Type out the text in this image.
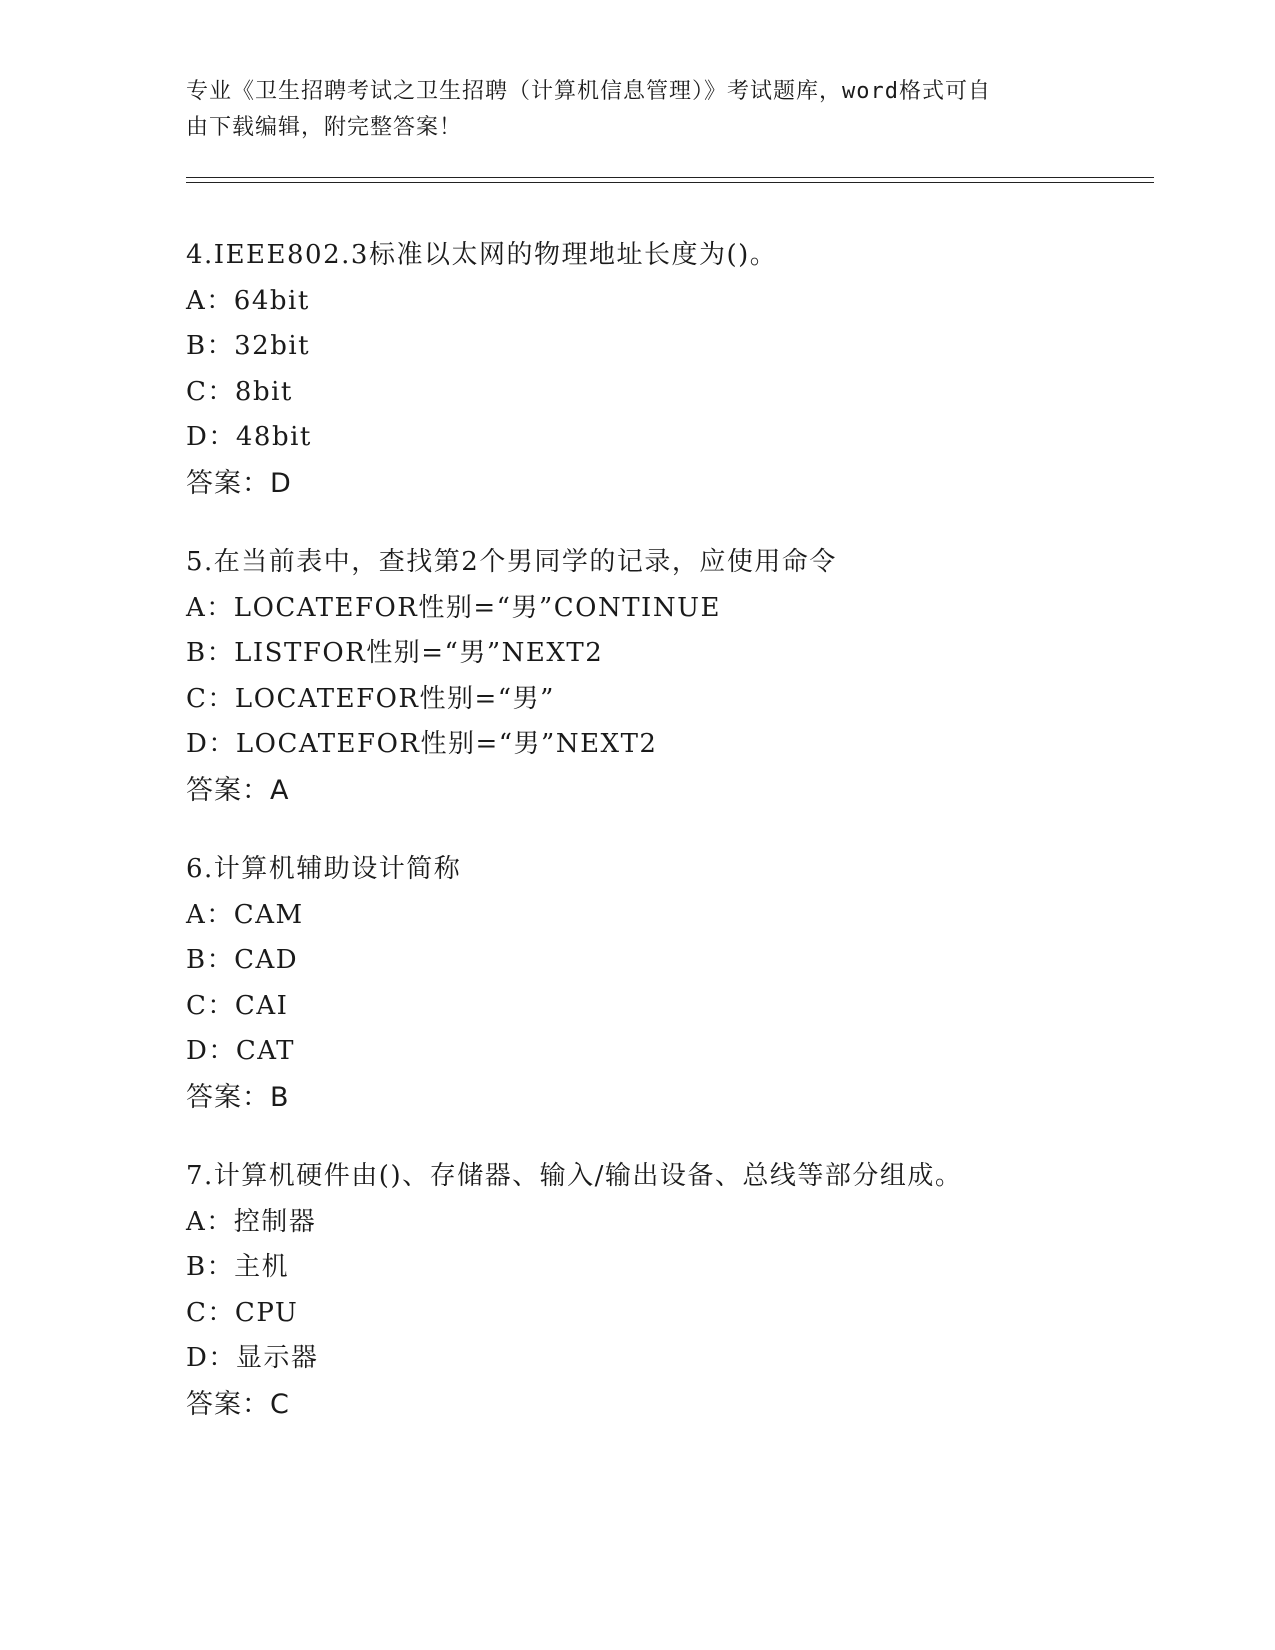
专业《卫生招聘考试之卫生招聘（计算机信息管理）》考试题库，word格式可自
由下载编辑，附完整答案！
4.IEEE802.3标准以太网的物理地址长度为()。
A：64bit
B：32bit
C：8bit
D：48bit
答案：D
5.在当前表中，查找第2个男同学的记录，应使用命令
A：LOCATEFOR性别=“男”CONTINUE
B：LISTFOR性别=“男”NEXT2
C：LOCATEFOR性别=“男”
D：LOCATEFOR性别=“男”NEXT2
答案：A
6.计算机辅助设计简称
A：CAM
B：CAD
C：CAI
D：CAT
答案：B
7.计算机硬件由()、存储器、输入/输出设备、总线等部分组成。
A：控制器
B：主机
C：CPU
D：显示器
答案：C
